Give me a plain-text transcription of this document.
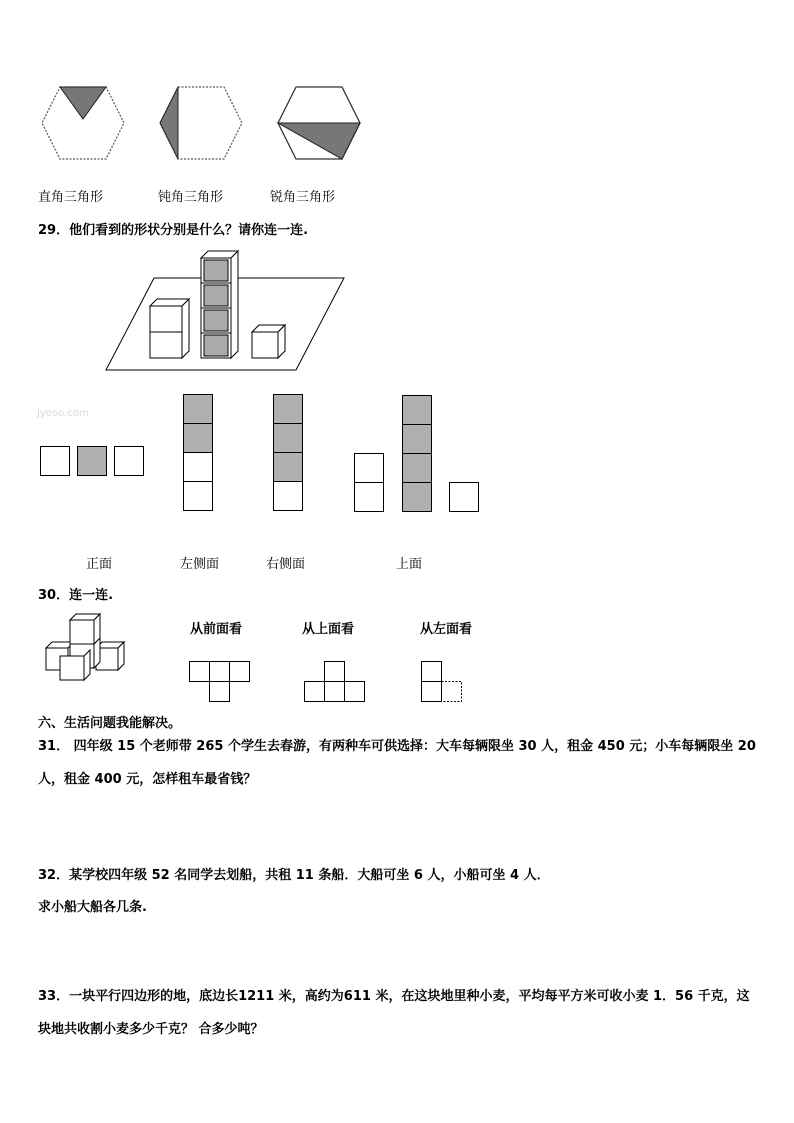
直角三角形	钝角三角形	锐角三角形
29．他们看到的形状分别是什么？请你连一连.
Jyeoo.com
正面	左侧面	右侧面	上面
30．连一连.
从前面看	从上面看	从左面看
六、生活问题我能解决。
31． 四年级 15 个老师带 265 个学生去春游，有两种车可供选择：大车每辆限坐 30 人，租金 450 元；小车每辆限坐 20 人，租金 400 元，怎样租车最省钱？
32．某学校四年级 52 名同学去划船，共租 11 条船．大船可坐 6 人，小船可坐 4 人．
求小船大船各几条.
33．一块平行四边形的地，底边长1211 米，高约为611 米，在这块地里种小麦，平均每平方米可收小麦 1．56 千克，这块地共收割小麦多少千克？ 合多少吨？
